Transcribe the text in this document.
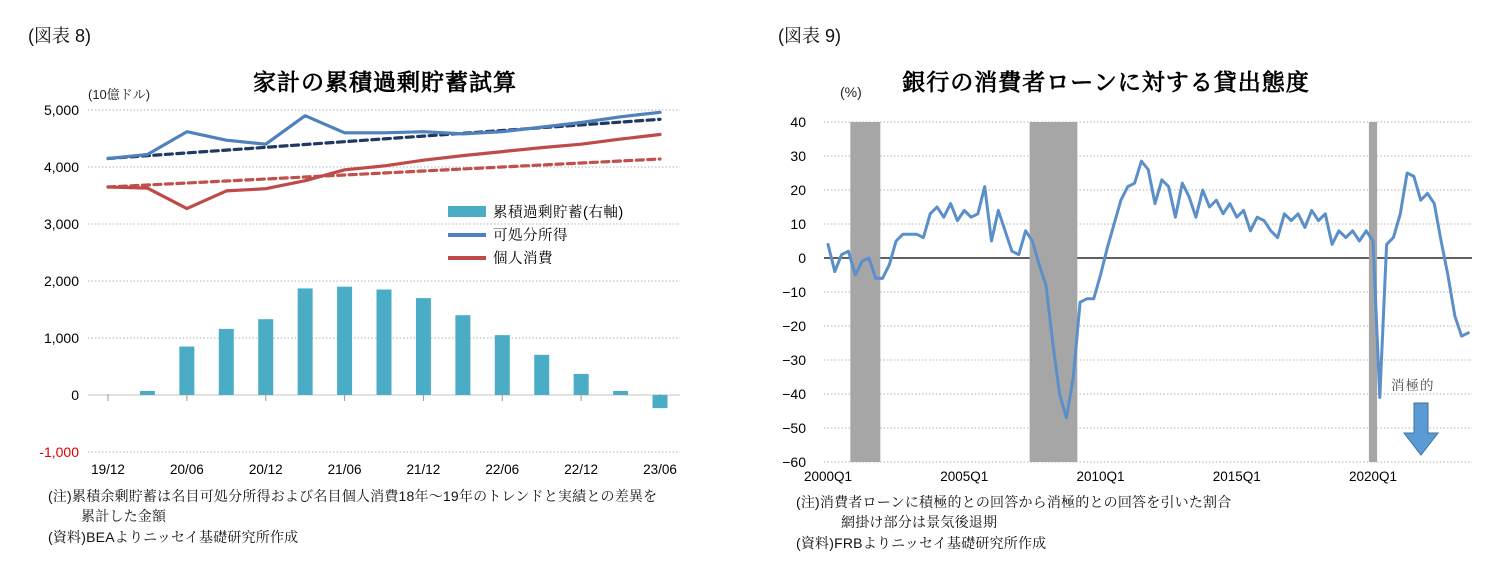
(図表 8)
家計の累積過剰貯蓄試算
(10億ドル)
5,000
4,000
3,000
2,000
1,000
0
-1,000
19/12	20/06	20/12	21/06	21/12	22/06	22/12	23/06
累積過剰貯蓄(右軸)
可処分所得
個人消費
(注)累積余剰貯蓄は名目可処分所得および名目個人消費18年～19年のトレンドと実績との差異を
累計した金額
(資料)BEAよりニッセイ基礎研究所作成
(図表 9)
銀行の消費者ローンに対する貸出態度
(%)
40
30
20
10
0
−10
−20
−30
−40
−50
−60
2000Q1	2005Q1	2010Q1	2015Q1	2020Q1
消極的
(注)消費者ローンに積極的との回答から消極的との回答を引いた割合
網掛け部分は景気後退期
(資料)FRBよりニッセイ基礎研究所作成
